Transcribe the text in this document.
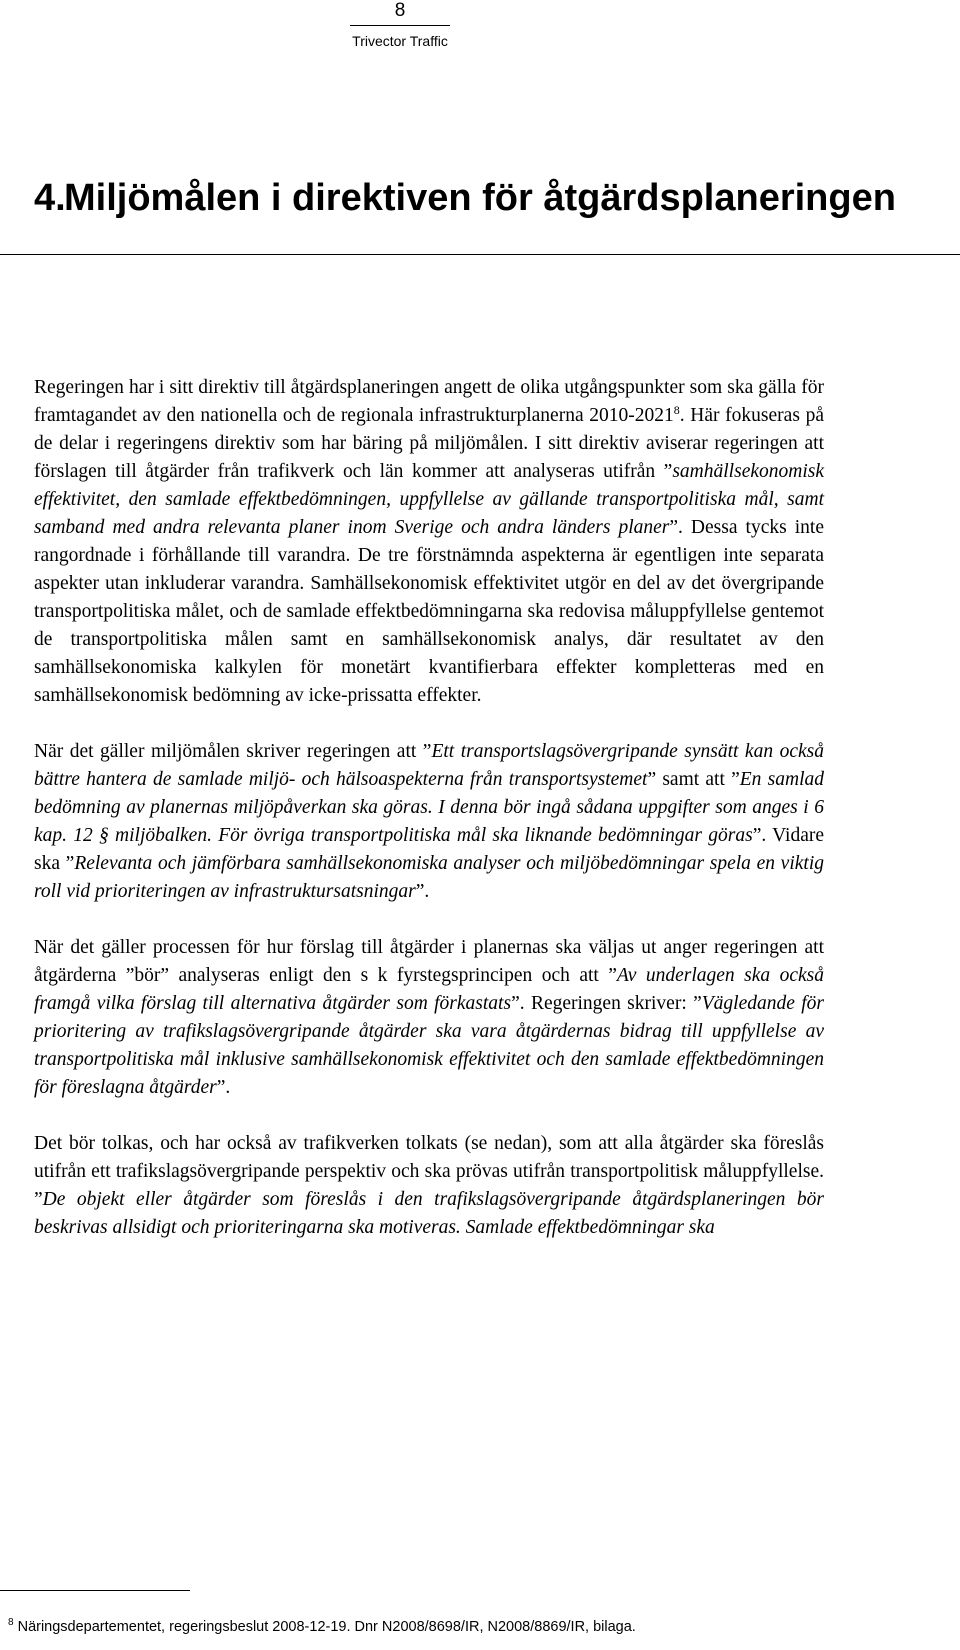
8
Trivector Traffic
4.Miljömålen i direktiven för åtgärdsplaneringen

Regeringen har i sitt direktiv till åtgärdsplaneringen angett de olika utgångspunkter som ska gälla för framtagandet av den nationella och de regionala infrastrukturplanerna 2010-2021$^8$. Här fokuseras på de delar i regeringens direktiv som har bäring på miljömålen. I sitt direktiv aviserar regeringen att förslagen till åtgärder från trafikverk och län kommer att analyseras utifrån ”samhällsekonomisk effektivitet, den samlade effektbedömningen, uppfyllelse av gällande transportpolitiska mål, samt samband med andra relevanta planer inom Sverige och andra länders planer”. Dessa tycks inte rangordnade i förhållande till varandra. De tre förstnämnda aspekterna är egentligen inte separata aspekter utan inkluderar varandra. Samhällsekonomisk effektivitet utgör en del av det övergripande transportpolitiska målet, och de samlade effektbedömningarna ska redovisa måluppfyllelse gentemot de transportpolitiska målen samt en samhällsekonomisk analys, där resultatet av den samhällsekonomiska kalkylen för monetärt kvantifierbara effekter kompletteras med en samhällsekonomisk bedömning av icke-prissatta effekter.

När det gäller miljömålen skriver regeringen att ”Ett transportslagsövergripande synsätt kan också bättre hantera de samlade miljö- och hälsoaspekterna från transportsystemet” samt att ”En samlad bedömning av planernas miljöpåverkan ska göras. I denna bör ingå sådana uppgifter som anges i 6 kap. 12 § miljöbalken. För övriga transportpolitiska mål ska liknande bedömningar göras”. Vidare ska ”Relevanta och jämförbara samhällsekonomiska analyser och miljöbedömningar spela en viktig roll vid prioriteringen av infrastruktursatsningar”.

När det gäller processen för hur förslag till åtgärder i planernas ska väljas ut anger regeringen att åtgärderna ”bör” analyseras enligt den s k fyrstegsprincipen och att ”Av underlagen ska också framgå vilka förslag till alternativa åtgärder som förkastats”. Regeringen skriver: ”Vägledande för prioritering av trafikslagsövergripande åtgärder ska vara åtgärdernas bidrag till uppfyllelse av transportpolitiska mål inklusive samhällsekonomisk effektivitet och den samlade effektbedömningen för föreslagna åtgärder”.

Det bör tolkas, och har också av trafikverken tolkats (se nedan), som att alla åtgärder ska föreslås utifrån ett trafikslagsövergripande perspektiv och ska prövas utifrån transportpolitisk måluppfyllelse. ”De objekt eller åtgärder som föreslås i den trafikslagsövergripande åtgärdsplaneringen bör beskrivas allsidigt och prioriteringarna ska motiveras. Samlade effektbedömningar ska

$^8$ Näringsdepartementet, regeringsbeslut 2008-12-19. Dnr N2008/8698/IR, N2008/8869/IR, bilaga.
